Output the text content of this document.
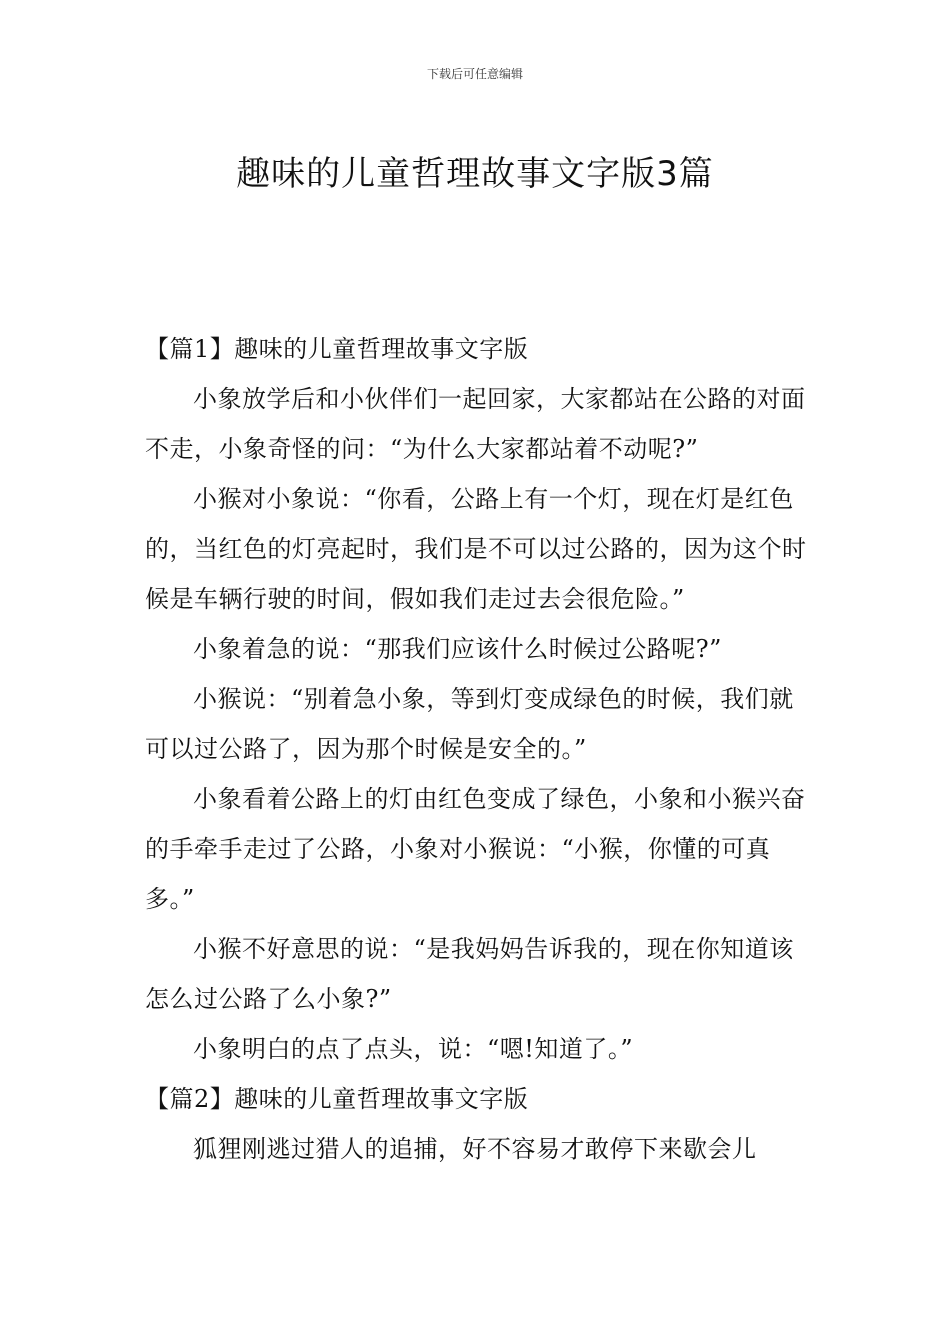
下载后可任意编辑
趣味的儿童哲理故事文字版3篇

【篇1】趣味的儿童哲理故事文字版

小象放学后和小伙伴们一起回家，大家都站在公路的对面不走，小象奇怪的问：“为什么大家都站着不动呢?”

小猴对小象说：“你看，公路上有一个灯，现在灯是红色的，当红色的灯亮起时，我们是不可以过公路的，因为这个时候是车辆行驶的时间，假如我们走过去会很危险。”

小象着急的说：“那我们应该什么时候过公路呢?”

小猴说：“别着急小象，等到灯变成绿色的时候，我们就可以过公路了，因为那个时候是安全的。”

小象看着公路上的灯由红色变成了绿色，小象和小猴兴奋的手牵手走过了公路，小象对小猴说：“小猴，你懂的可真多。”

小猴不好意思的说：“是我妈妈告诉我的，现在你知道该怎么过公路了么小象?”

小象明白的点了点头，说：“嗯!知道了。”

【篇2】趣味的儿童哲理故事文字版

狐狸刚逃过猎人的追捕，好不容易才敢停下来歇会儿
